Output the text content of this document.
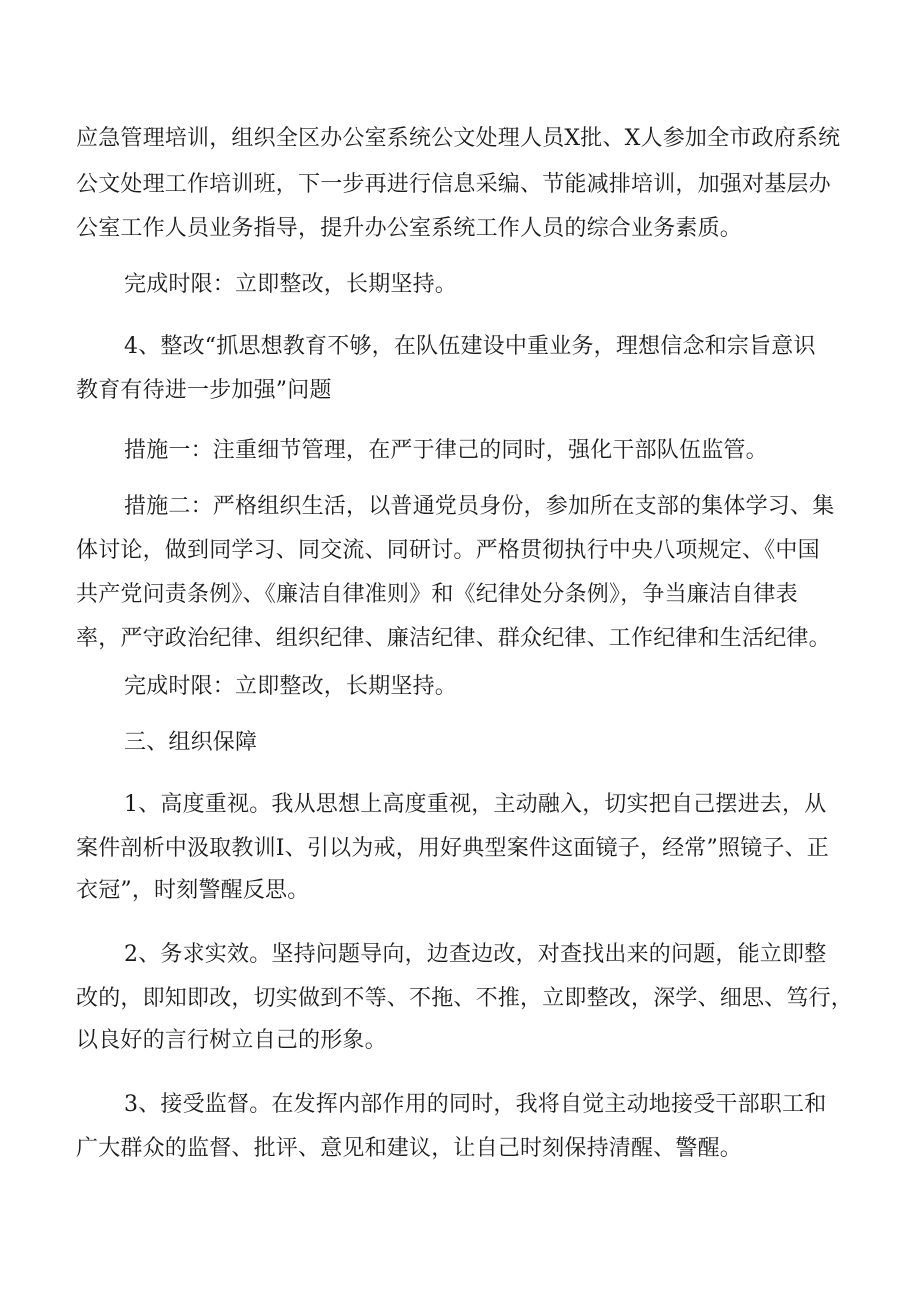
应急管理培训，组织全区办公室系统公文处理人员X批、X人参加全市政府系统
公文处理工作培训班，下一步再进行信息采编、节能减排培训，加强对基层办
公室工作人员业务指导，提升办公室系统工作人员的综合业务素质。
完成时限：立即整改，长期坚持。
4、整改“抓思想教育不够，在队伍建设中重业务，理想信念和宗旨意识
教育有待进一步加强”问题
措施一：注重细节管理，在严于律己的同时，强化干部队伍监管。
措施二：严格组织生活，以普通党员身份，参加所在支部的集体学习、集
体讨论，做到同学习、同交流、同研讨。严格贯彻执行中央八项规定、《中国
共产党问责条例》、《廉洁自律准则》和《纪律处分条例》，争当廉洁自律表
率，严守政治纪律、组织纪律、廉洁纪律、群众纪律、工作纪律和生活纪律。
完成时限：立即整改，长期坚持。
三、组织保障
1、高度重视。我从思想上高度重视，主动融入，切实把自己摆进去，从
案件剖析中汲取教训I、引以为戒，用好典型案件这面镜子，经常”照镜子、正
衣冠”，时刻警醒反思。
2、务求实效。坚持问题导向，边查边改，对查找出来的问题，能立即整
改的，即知即改，切实做到不等、不拖、不推，立即整改，深学、细思、笃行，
以良好的言行树立自己的形象。
3、接受监督。在发挥内部作用的同时，我将自觉主动地接受干部职工和
广大群众的监督、批评、意见和建议，让自己时刻保持清醒、警醒。
